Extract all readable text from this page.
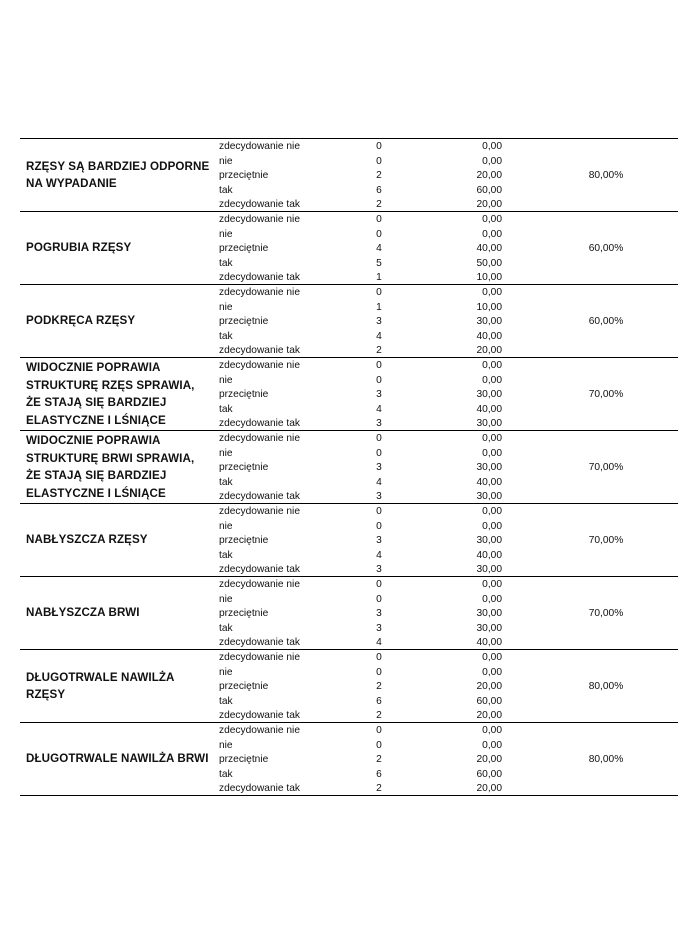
RZĘSY SĄ BARDZIEJ ODPORNE NA WYPADANIE
zdecydowanie nie	0	0,00
nie	0	0,00
przeciętnie	2	20,00
tak	6	60,00
zdecydowanie tak	2	20,00
80,00%
POGRUBIA RZĘSY
zdecydowanie nie	0	0,00
nie	0	0,00
przeciętnie	4	40,00
tak	5	50,00
zdecydowanie tak	1	10,00
60,00%
PODKRĘCA RZĘSY
zdecydowanie nie	0	0,00
nie	1	10,00
przeciętnie	3	30,00
tak	4	40,00
zdecydowanie tak	2	20,00
60,00%
WIDOCZNIE POPRAWIA STRUKTURĘ RZĘS SPRAWIA, ŻE STAJĄ SIĘ BARDZIEJ ELASTYCZNE I LŚNIĄCE
zdecydowanie nie	0	0,00
nie	0	0,00
przeciętnie	3	30,00
tak	4	40,00
zdecydowanie tak	3	30,00
70,00%
WIDOCZNIE POPRAWIA STRUKTURĘ BRWI SPRAWIA, ŻE STAJĄ SIĘ BARDZIEJ ELASTYCZNE I LŚNIĄCE
zdecydowanie nie	0	0,00
nie	0	0,00
przeciętnie	3	30,00
tak	4	40,00
zdecydowanie tak	3	30,00
70,00%
NABŁYSZCZA RZĘSY
zdecydowanie nie	0	0,00
nie	0	0,00
przeciętnie	3	30,00
tak	4	40,00
zdecydowanie tak	3	30,00
70,00%
NABŁYSZCZA BRWI
zdecydowanie nie	0	0,00
nie	0	0,00
przeciętnie	3	30,00
tak	3	30,00
zdecydowanie tak	4	40,00
70,00%
DŁUGOTRWALE NAWILŻA RZĘSY
zdecydowanie nie	0	0,00
nie	0	0,00
przeciętnie	2	20,00
tak	6	60,00
zdecydowanie tak	2	20,00
80,00%
DŁUGOTRWALE NAWILŻA BRWI
zdecydowanie nie	0	0,00
nie	0	0,00
przeciętnie	2	20,00
tak	6	60,00
zdecydowanie tak	2	20,00
80,00%
